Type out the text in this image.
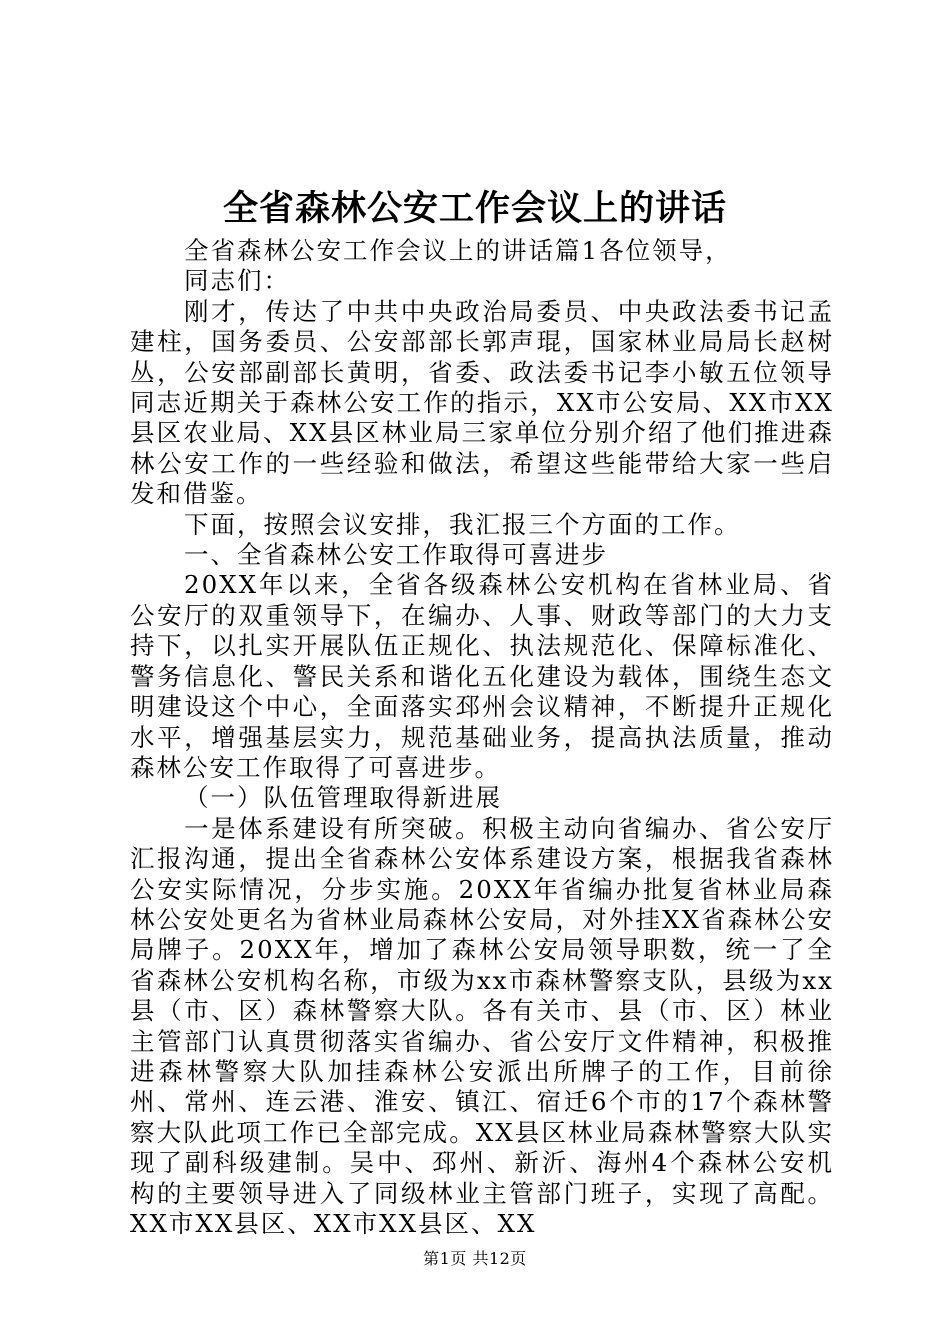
全省森林公安工作会议上的讲话

全省森林公安工作会议上的讲话篇1各位领导，

同志们：

刚才，传达了中共中央政治局委员、中央政法委书记孟建柱，国务委员、公安部部长郭声琨，国家林业局局长赵树丛，公安部副部长黄明，省委、政法委书记李小敏五位领导同志近期关于森林公安工作的指示，XX市公安局、XX市XX县区农业局、XX县区林业局三家单位分别介绍了他们推进森林公安工作的一些经验和做法，希望这些能带给大家一些启发和借鉴。

下面，按照会议安排，我汇报三个方面的工作。

一、全省森林公安工作取得可喜进步

20XX年以来，全省各级森林公安机构在省林业局、省公安厅的双重领导下，在编办、人事、财政等部门的大力支持下，以扎实开展队伍正规化、执法规范化、保障标准化、警务信息化、警民关系和谐化五化建设为载体，围绕生态文明建设这个中心，全面落实邳州会议精神，不断提升正规化水平，增强基层实力，规范基础业务，提高执法质量，推动森林公安工作取得了可喜进步。

（一）队伍管理取得新进展

一是体系建设有所突破。积极主动向省编办、省公安厅汇报沟通，提出全省森林公安体系建设方案，根据我省森林公安实际情况，分步实施。20XX年省编办批复省林业局森林公安处更名为省林业局森林公安局，对外挂XX省森林公安局牌子。20XX年，增加了森林公安局领导职数，统一了全省森林公安机构名称，市级为xx市森林警察支队，县级为xx县（市、区）森林警察大队。各有关市、县（市、区）林业主管部门认真贯彻落实省编办、省公安厅文件精神，积极推进森林警察大队加挂森林公安派出所牌子的工作，目前徐州、常州、连云港、淮安、镇江、宿迁6个市的17个森林警察大队此项工作已全部完成。XX县区林业局森林警察大队实现了副科级建制。吴中、邳州、新沂、海州4个森林公安机构的主要领导进入了同级林业主管部门班子，实现了高配。XX市XX县区、XX市XX县区、XX

第1页 共12页
